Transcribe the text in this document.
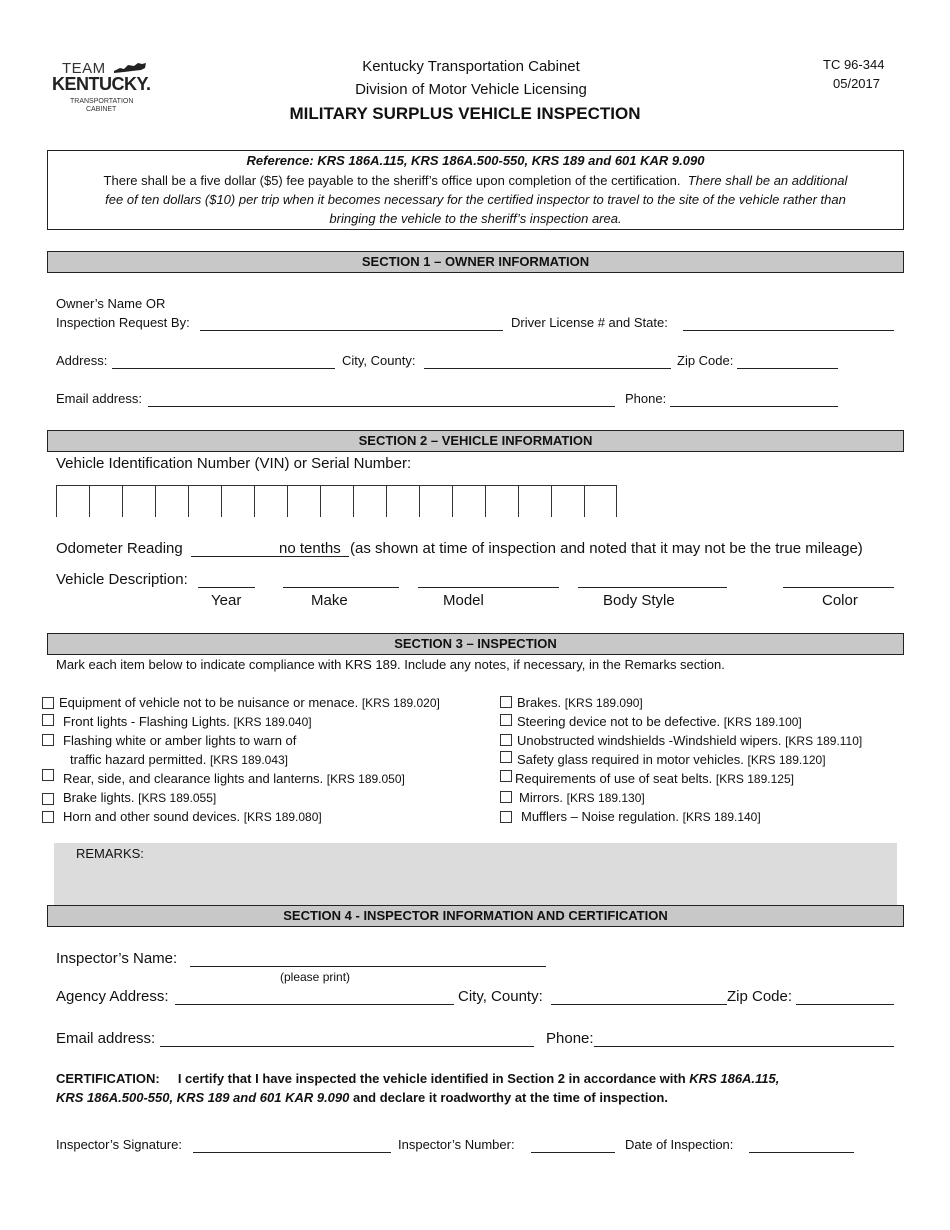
TEAM
KENTUCKY.
TRANSPORTATION
CABINET
Kentucky Transportation Cabinet
Division of Motor Vehicle Licensing
MILITARY SURPLUS VEHICLE INSPECTION
TC 96-344
05/2017
Reference: KRS 186A.115, KRS 186A.500-550, KRS 189 and 601 KAR 9.090
There shall be a five dollar ($5) fee payable to the sheriff’s office upon completion of the certification. There shall be an additional
fee of ten dollars ($10) per trip when it becomes necessary for the certified inspector to travel to the site of the vehicle rather than
bringing the vehicle to the sheriff’s inspection area.
SECTION 1 – OWNER INFORMATION
Owner’s Name OR
Inspection Request By:	Driver License # and State:
Address:	City, County:	Zip Code:
Email address:	Phone:
SECTION 2 – VEHICLE INFORMATION
Vehicle Identification Number (VIN) or Serial Number:
Odometer Reading	no tenths (as shown at time of inspection and noted that it may not be the true mileage)
Vehicle Description:
Year	Make	Model	Body Style	Color
SECTION 3 – INSPECTION
Mark each item below to indicate compliance with KRS 189. Include any notes, if necessary, in the Remarks section.
Equipment of vehicle not to be nuisance or menace. [KRS 189.020]
Front lights - Flashing Lights. [KRS 189.040]
Flashing white or amber lights to warn of
traffic hazard permitted. [KRS 189.043]
Rear, side, and clearance lights and lanterns. [KRS 189.050]
Brake lights. [KRS 189.055]
Horn and other sound devices. [KRS 189.080]
Brakes. [KRS 189.090]
Steering device not to be defective. [KRS 189.100]
Unobstructed windshields -Windshield wipers. [KRS 189.110]
Safety glass required in motor vehicles. [KRS 189.120]
Requirements of use of seat belts. [KRS 189.125]
Mirrors. [KRS 189.130]
Mufflers – Noise regulation. [KRS 189.140]
REMARKS:
SECTION 4 - INSPECTOR INFORMATION AND CERTIFICATION
Inspector’s Name:
(please print)
Agency Address:	City, County:	Zip Code:
Email address:	Phone:
CERTIFICATION: I certify that I have inspected the vehicle identified in Section 2 in accordance with KRS 186A.115,
KRS 186A.500-550, KRS 189 and 601 KAR 9.090 and declare it roadworthy at the time of inspection.
Inspector’s Signature:	Inspector’s Number:	Date of Inspection:
